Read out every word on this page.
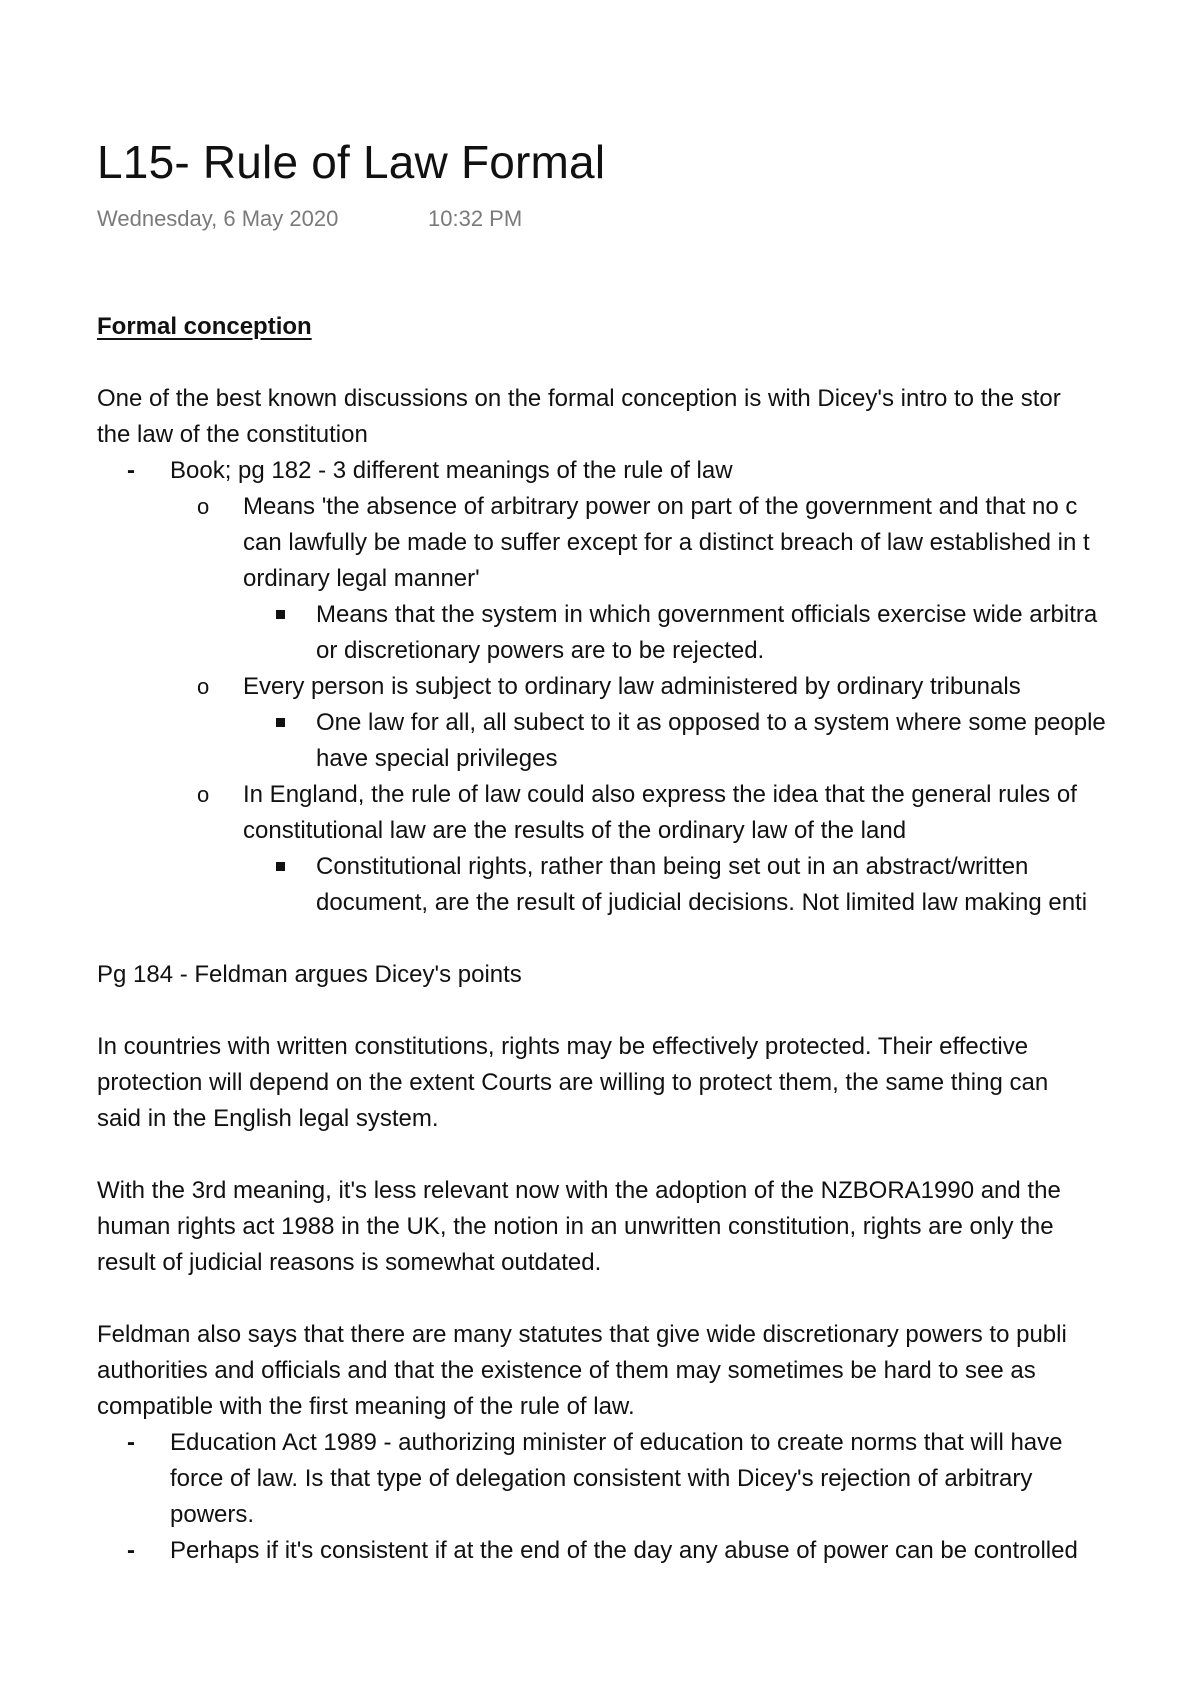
L15- Rule of Law Formal
Wednesday, 6 May 2020	10:32 PM
Formal conception
One of the best known discussions on the formal conception is with Dicey's intro to the stor
the law of the constitution
- Book; pg 182 - 3 different meanings of the rule of law
o Means 'the absence of arbitrary power on part of the government and that no c
can lawfully be made to suffer except for a distinct breach of law established in t
ordinary legal manner'
Means that the system in which government officials exercise wide arbitra
or discretionary powers are to be rejected.
o Every person is subject to ordinary law administered by ordinary tribunals
One law for all, all subect to it as opposed to a system where some people
have special privileges
o In England, the rule of law could also express the idea that the general rules of
constitutional law are the results of the ordinary law of the land
Constitutional rights, rather than being set out in an abstract/written
document, are the result of judicial decisions. Not limited law making enti
Pg 184 - Feldman argues Dicey's points
In countries with written constitutions, rights may be effectively protected. Their effective
protection will depend on the extent Courts are willing to protect them, the same thing can
said in the English legal system.
With the 3rd meaning, it's less relevant now with the adoption of the NZBORA1990 and the
human rights act 1988 in the UK, the notion in an unwritten constitution, rights are only the
result of judicial reasons is somewhat outdated.
Feldman also says that there are many statutes that give wide discretionary powers to publi
authorities and officials and that the existence of them may sometimes be hard to see as
compatible with the first meaning of the rule of law.
- Education Act 1989 - authorizing minister of education to create norms that will have
force of law. Is that type of delegation consistent with Dicey's rejection of arbitrary
powers.
- Perhaps if it's consistent if at the end of the day any abuse of power can be controlled
